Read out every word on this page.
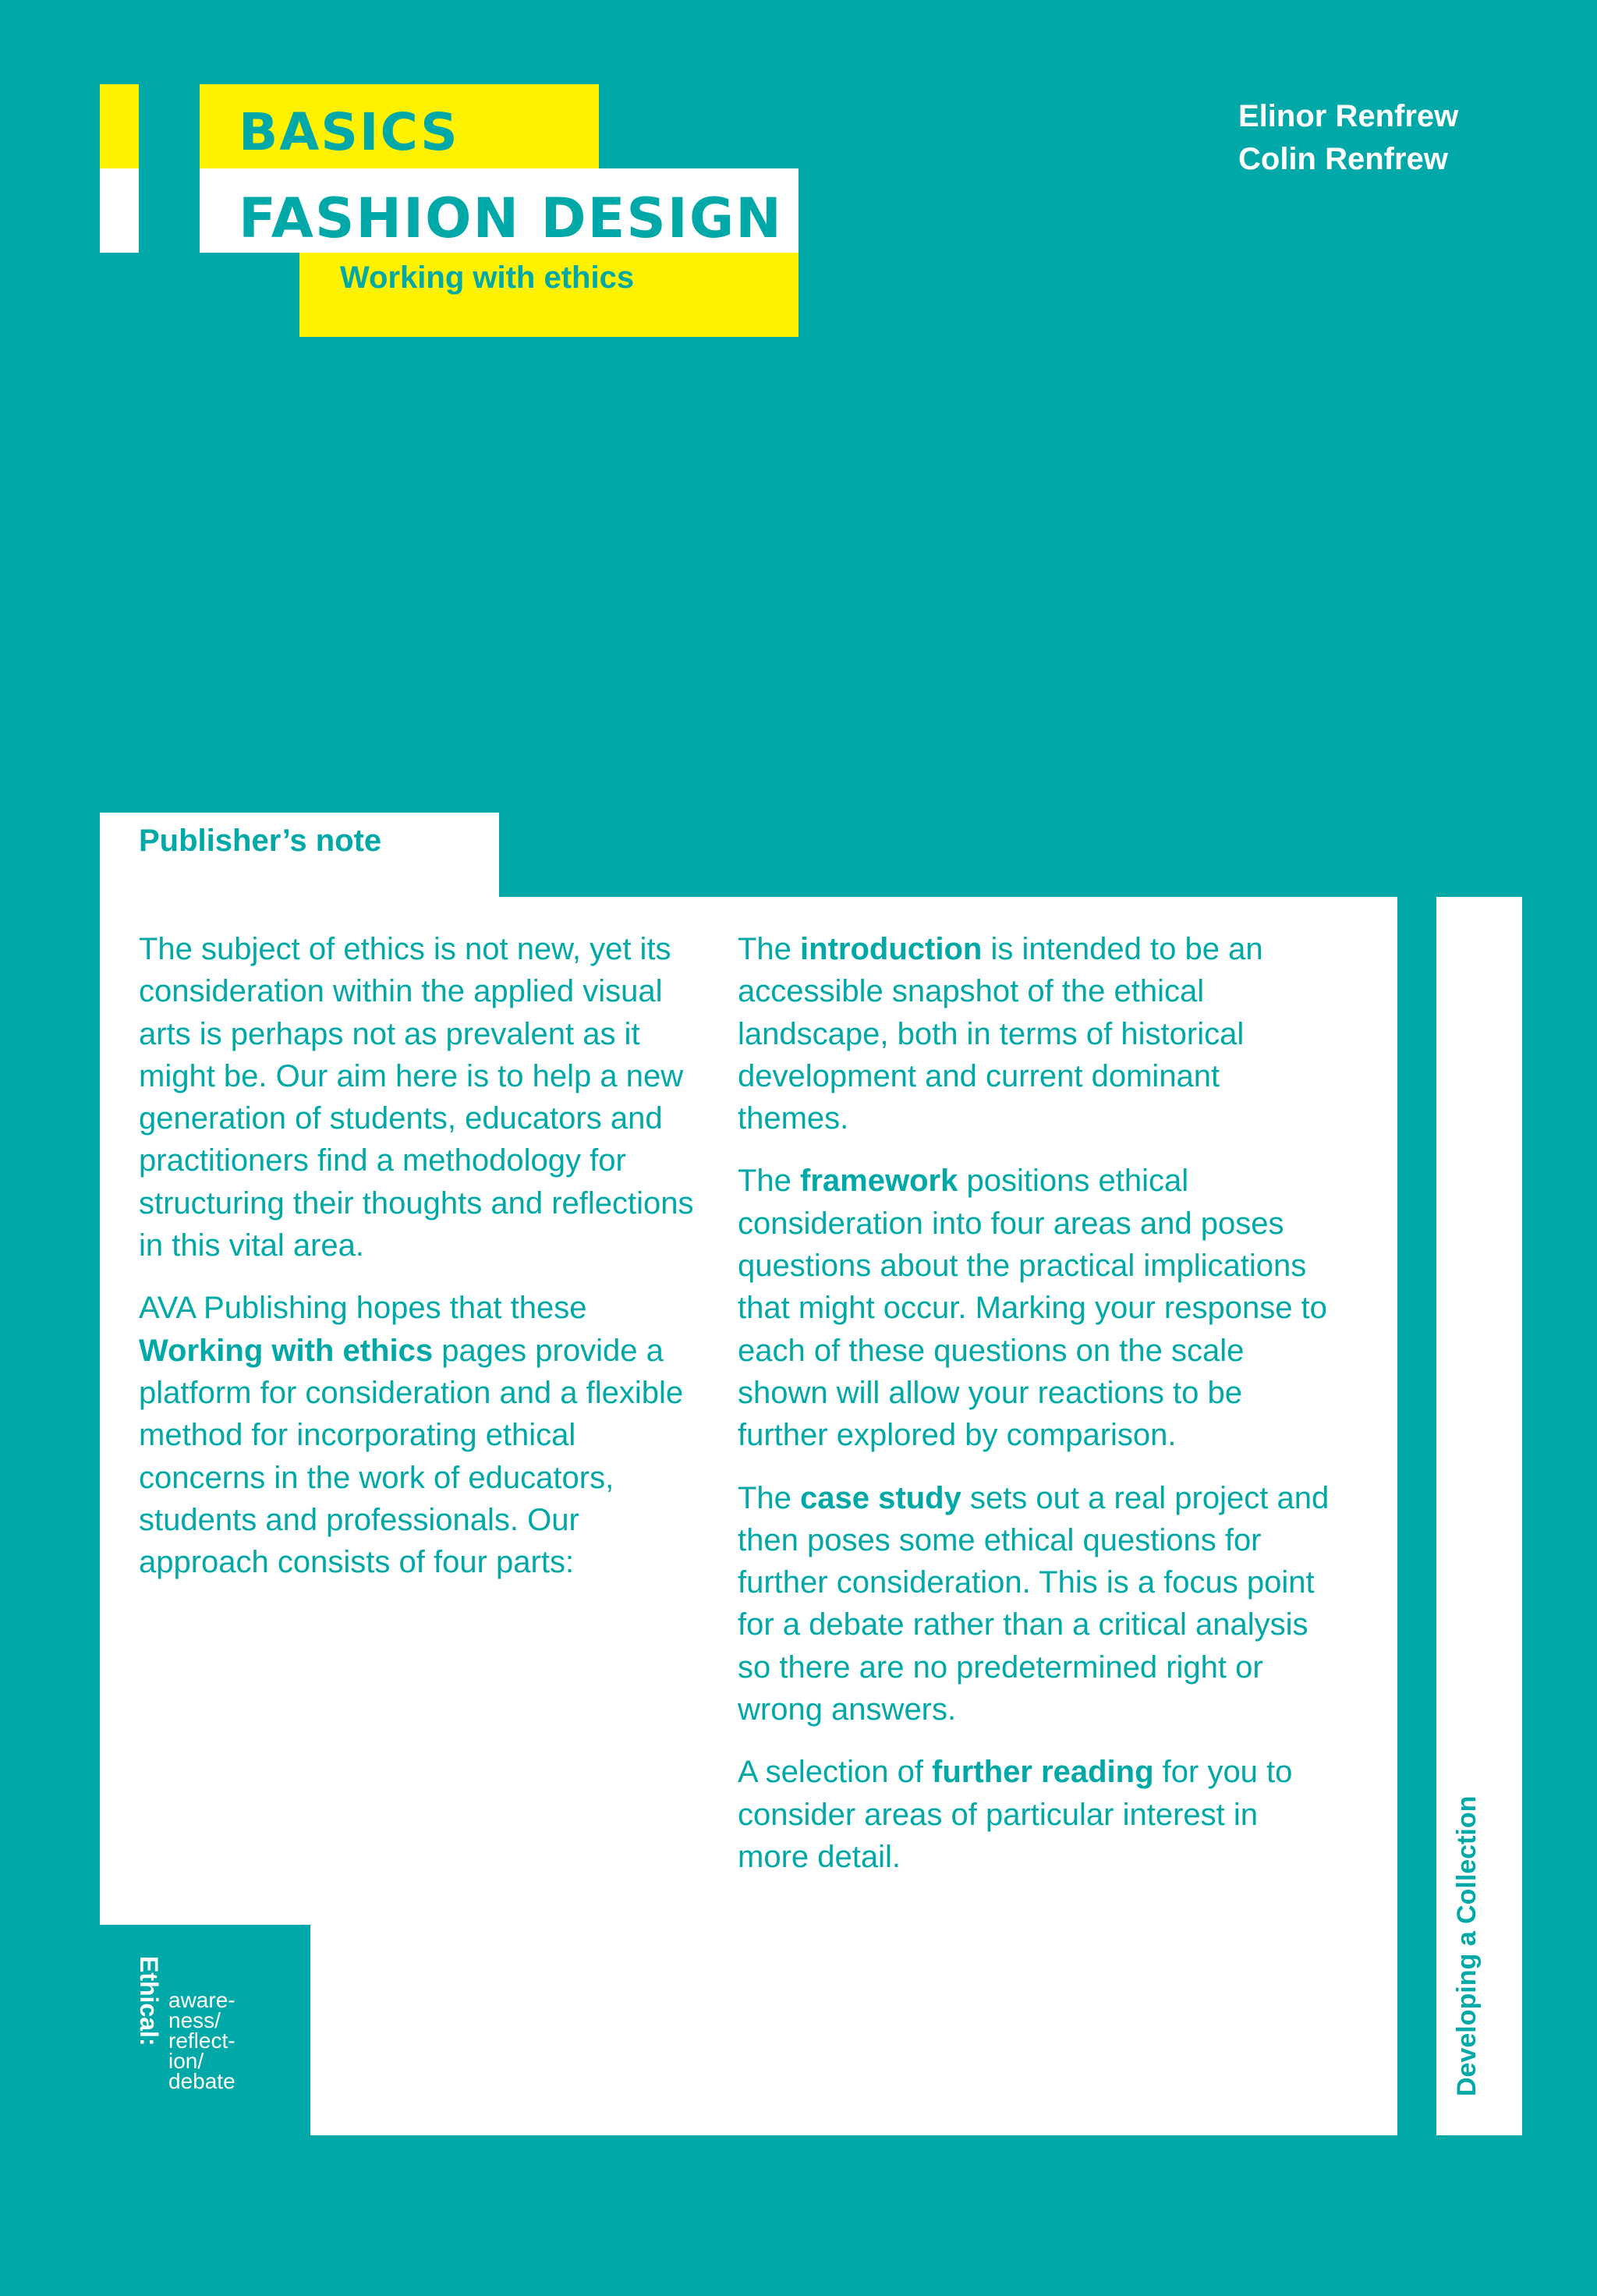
BASICS
FASHION DESIGN
Working with ethics
Elinor Renfrew
Colin Renfrew
Publisher’s note

The subject of ethics is not new, yet its consideration within the applied visual arts is perhaps not as prevalent as it might be. Our aim here is to help a new generation of students, educators and practitioners find a methodology for structuring their thoughts and reflections in this vital area.

AVA Publishing hopes that these Working with ethics pages provide a platform for consideration and a flexible method for incorporating ethical concerns in the work of educators, students and professionals. Our approach consists of four parts:

The introduction is intended to be an accessible snapshot of the ethical landscape, both in terms of historical development and current dominant themes.

The framework positions ethical consideration into four areas and poses questions about the practical implications that might occur. Marking your response to each of these questions on the scale shown will allow your reactions to be further explored by comparison.

The case study sets out a real project and then poses some ethical questions for further consideration. This is a focus point for a debate rather than a critical analysis so there are no predetermined right or wrong answers.

A selection of further reading for you to consider areas of particular interest in more detail.

Ethical: aware-
ness/
reflect-
ion/
debate	Developing a Collection
